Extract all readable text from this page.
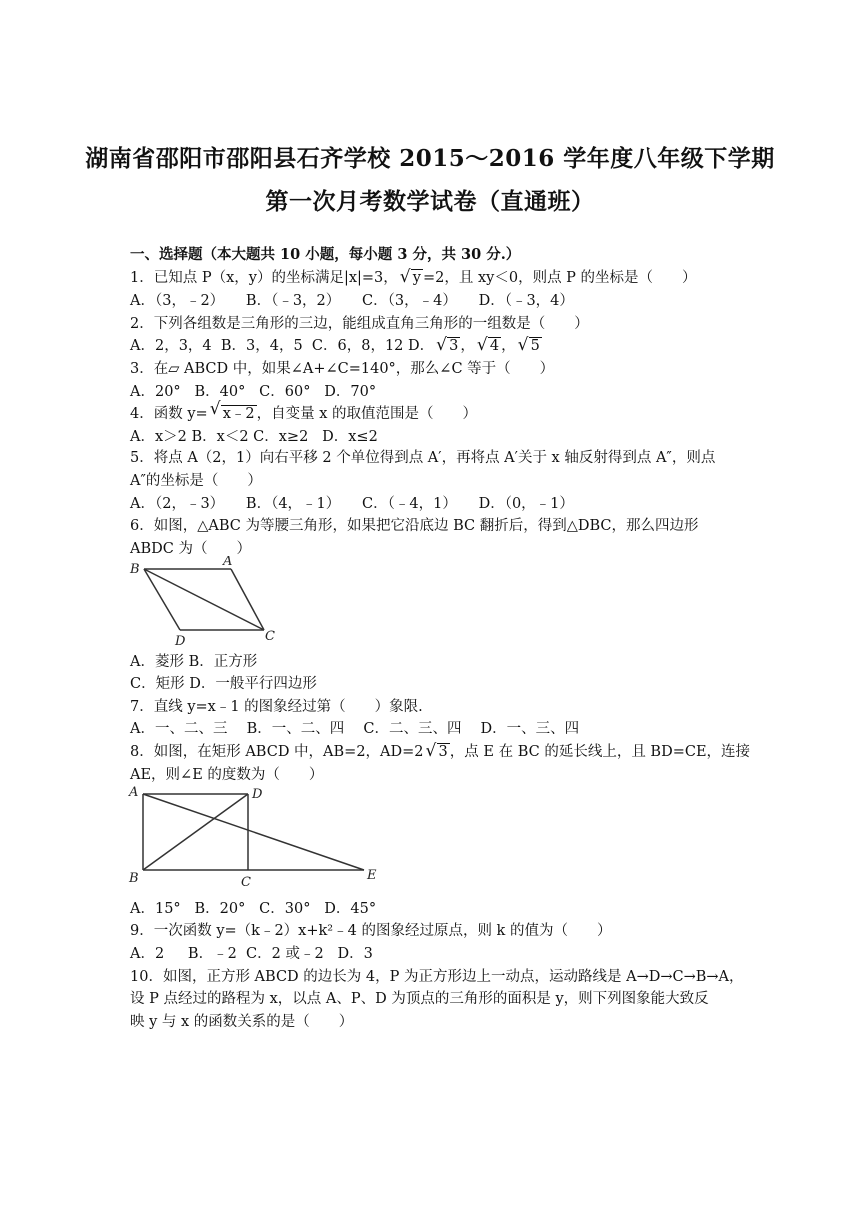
湖南省邵阳市邵阳县石齐学校 2015～2016 学年度八年级下学期
第一次月考数学试卷（直通班）
一、选择题（本大题共 10 小题，每小题 3 分，共 30 分.）
1．已知点 P（x，y）的坐标满足|x|=3， √ y =2，且 xy＜0，则点 P 的坐标是（　　）
A．（3，﹣2）　　B．（﹣3，2）　　C．（3，﹣4）　　D．（﹣3，4）
2．下列各组数是三角形的三边，能组成直角三角形的一组数是（　　）
A．2，3，4  B．3，4，5  C．6，8，12 D． √ 3 ， √ 4 ， √ 5
3．在▱ ABCD 中，如果∠A+∠C=140°，那么∠C 等于（　　）
A．20°   B．40°   C．60°   D．70°
4．函数 y= √ x﹣2 ，自变量 x 的取值范围是（　　）
A．x＞2 B．x＜2 C．x≥2   D．x≤2
5．将点 A（2，1）向右平移 2 个单位得到点 A′，再将点 A′关于 x 轴反射得到点 A″，则点
A″的坐标是（　　）
A．（2，﹣3）　　B．（4，﹣1）　　C．（﹣4，1）　　D．（0，﹣1）
6．如图，△ABC 为等腰三角形，如果把它沿底边 BC 翻折后，得到△DBC，那么四边形
ABDC 为（　　）
B
A
D	C
A．菱形 B．正方形
C．矩形 D．一般平行四边形
7．直线 y=x﹣1 的图象经过第（　　）象限.
A．一、二、三　 B．一、二、四　 C．二、三、四　 D．一、三、四
8．如图，在矩形 ABCD 中，AB=2，AD=2 √ 3 ，点 E 在 BC 的延长线上，且 BD=CE，连接
AE，则∠E 的度数为（　　）
A	D
B	C	E
A．15°   B．20°   C．30°   D．45°
9．一次函数 y=（k﹣2）x+k²﹣4 的图象经过原点，则 k 的值为（　　）
A．2　  B．﹣2  C．2 或﹣2   D．3
10．如图，正方形 ABCD 的边长为 4，P 为正方形边上一动点，运动路线是 A→D→C→B→A，
设 P 点经过的路程为 x，以点 A、P、D 为顶点的三角形的面积是 y，则下列图象能大致反
映 y 与 x 的函数关系的是（　　）
